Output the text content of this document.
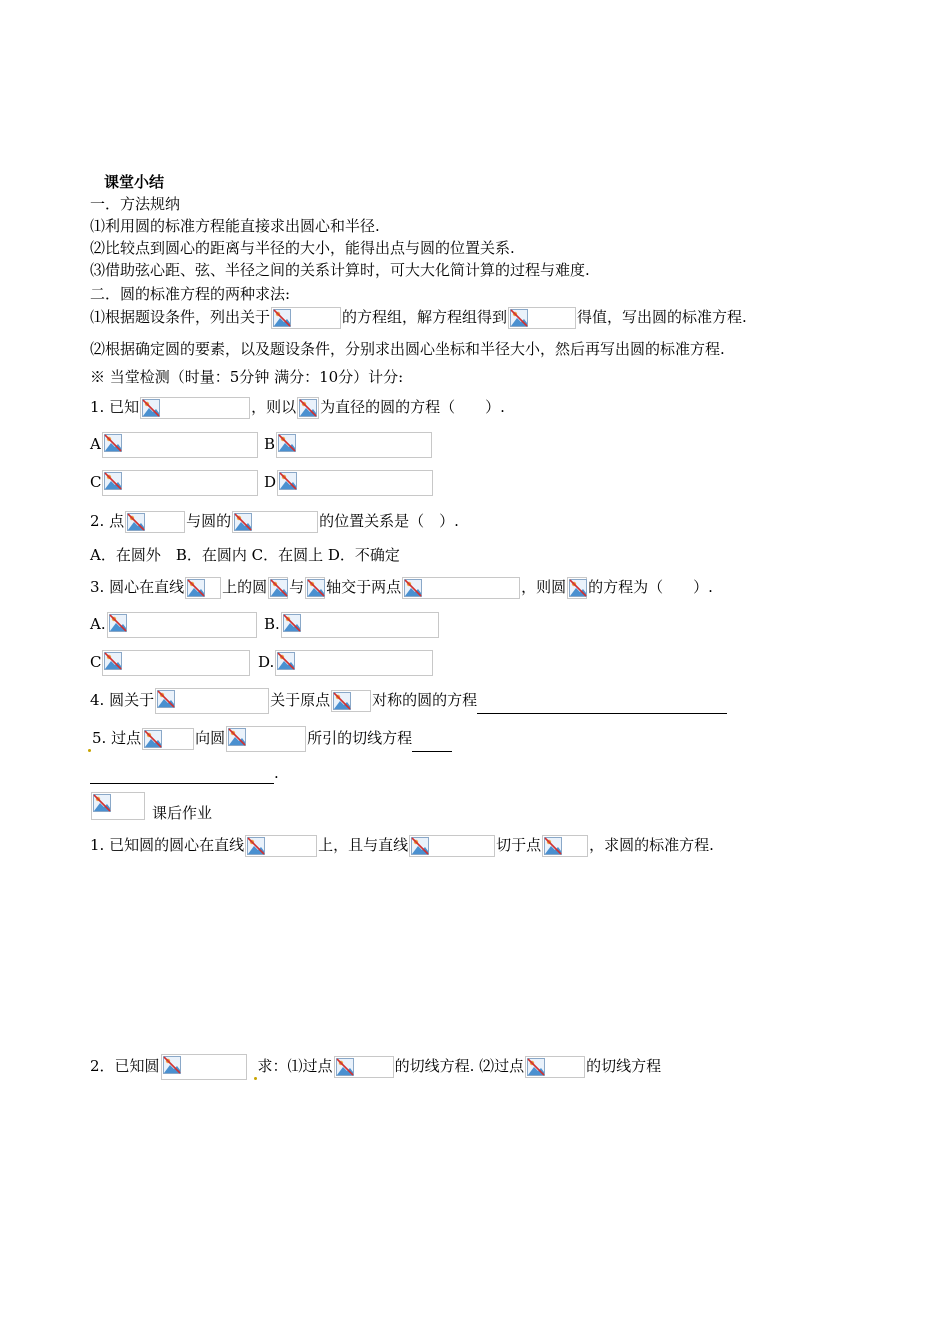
课堂小结
一．方法规纳
⑴利用圆的标准方程能直接求出圆心和半径.
⑵比较点到圆心的距离与半径的大小，能得出点与圆的位置关系.
⑶借助弦心距、弦、半径之间的关系计算时，可大大化简计算的过程与难度.
二．圆的标准方程的两种求法:
⑴根据题设条件，列出关于	的方程组，解方程组得到	得值，写出圆的标准方程.
⑵根据确定圆的要素，以及题设条件，分别求出圆心坐标和半径大小，然后再写出圆的标准方程.
※ 当堂检测（时量：5分钟 满分：10分）计分:
1. 已知	，则以 为直径的圆的方程（　　）.
A	B
C	D
2. 点	与圆的	的位置关系是（　）.
A．在圆外　B．在圆内 C．在圆上 D．不确定
3. 圆心在直线	上的圆 与 轴交于两点	，则圆 的方程为（　　）.
A.	B.
C	D.
4. 圆关于	关于原点	对称的圆的方程
5. 过点	向圆	所引的切线方程
.
课后作业
1. 已知圆的圆心在直线	上，且与直线	切于点	，求圆的标准方程.
2．已知圆	求：⑴过点	的切线方程. ⑵过点	的切线方程
